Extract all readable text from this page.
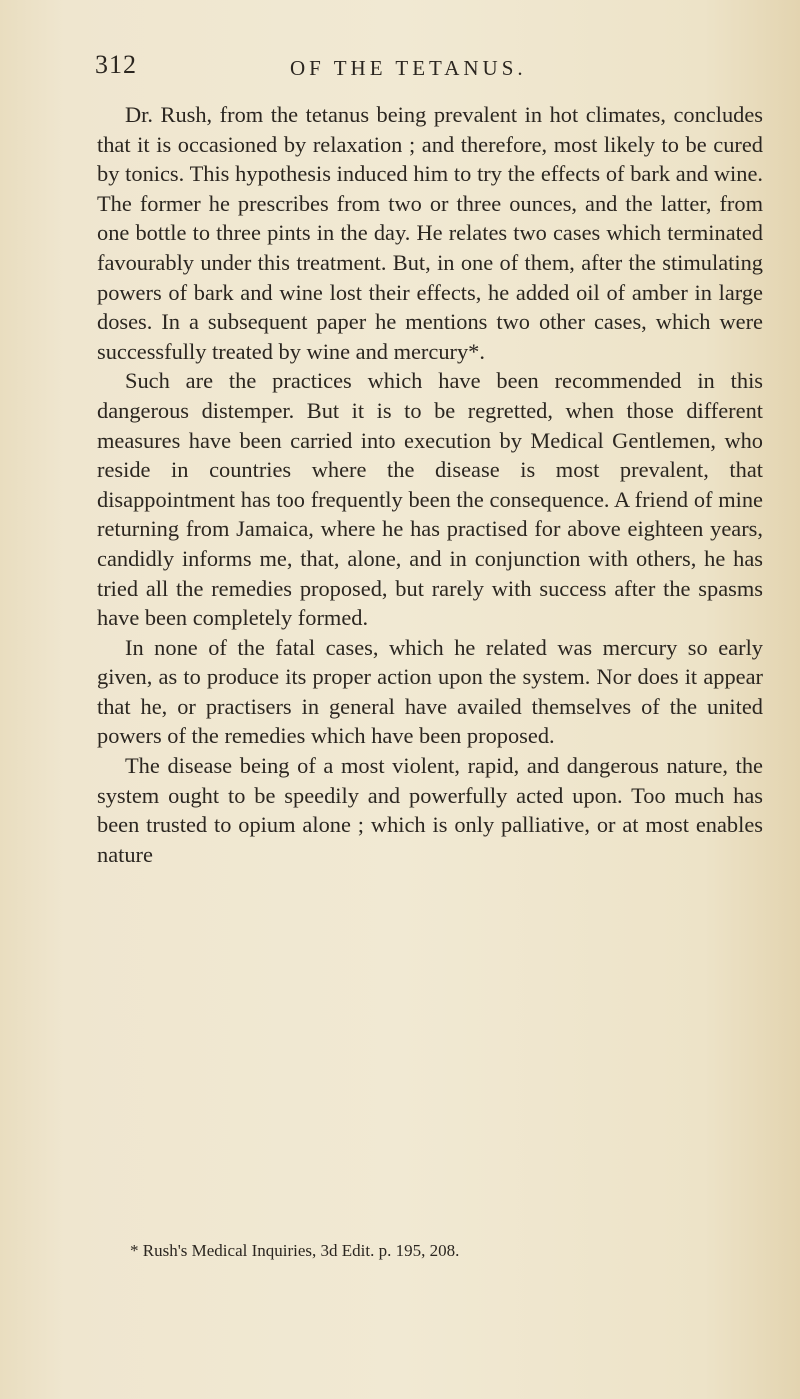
312	OF THE TETANUS.

Dr. Rush, from the tetanus being prevalent in hot climates, concludes that it is occasioned by relaxation ; and therefore, most likely to be cured by tonics. This hypothesis induced him to try the effects of bark and wine. The former he prescribes from two or three ounces, and the latter, from one bottle to three pints in the day. He relates two cases which terminated favourably under this treatment. But, in one of them, after the stimulating powers of bark and wine lost their effects, he added oil of amber in large doses. In a subsequent paper he mentions two other cases, which were successfully treated by wine and mercury*.

Such are the practices which have been recommended in this dangerous distemper. But it is to be regretted, when those different measures have been carried into execution by Medical Gentlemen, who reside in countries where the disease is most prevalent, that disappointment has too frequently been the consequence. A friend of mine returning from Jamaica, where he has practised for above eighteen years, candidly informs me, that, alone, and in conjunction with others, he has tried all the remedies proposed, but rarely with success after the spasms have been completely formed.

In none of the fatal cases, which he related was mercury so early given, as to produce its proper action upon the system. Nor does it appear that he, or practisers in general have availed themselves of the united powers of the remedies which have been proposed.

The disease being of a most violent, rapid, and dangerous nature, the system ought to be speedily and powerfully acted upon. Too much has been trusted to opium alone ; which is only palliative, or at most enables nature

* Rush's Medical Inquiries, 3d Edit. p. 195, 208.
